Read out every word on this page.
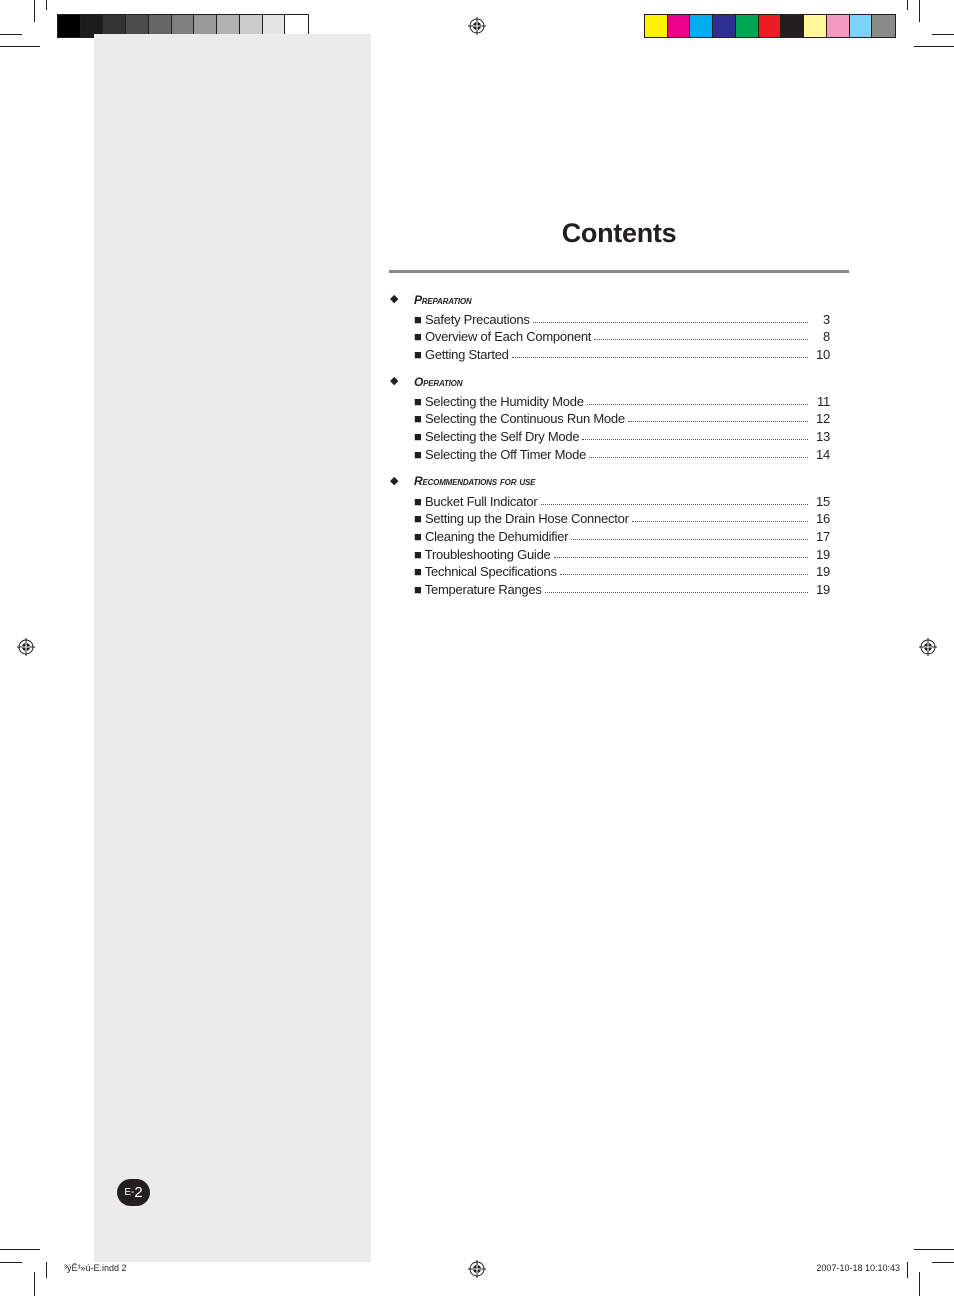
Contents
◆	Preparation
■ Safety Precautions	3
■ Overview of Each Component	8
■ Getting Started	10
◆	Operation
■ Selecting the Humidity Mode	11
■ Selecting the Continuous Run Mode	12
■ Selecting the Self Dry Mode	13
■ Selecting the Off Timer Mode	14
◆	Recommendations for use
■ Bucket Full Indicator	15
■ Setting up the Drain Hose Connector	16
■ Cleaning the Dehumidifier	17
■ Troubleshooting Guide	19
■ Technical Specifications	19
■ Temperature Ranges	19
E- 2
³ýÊ³»ú-E.indd 2	2007-10-18 10:10:43
